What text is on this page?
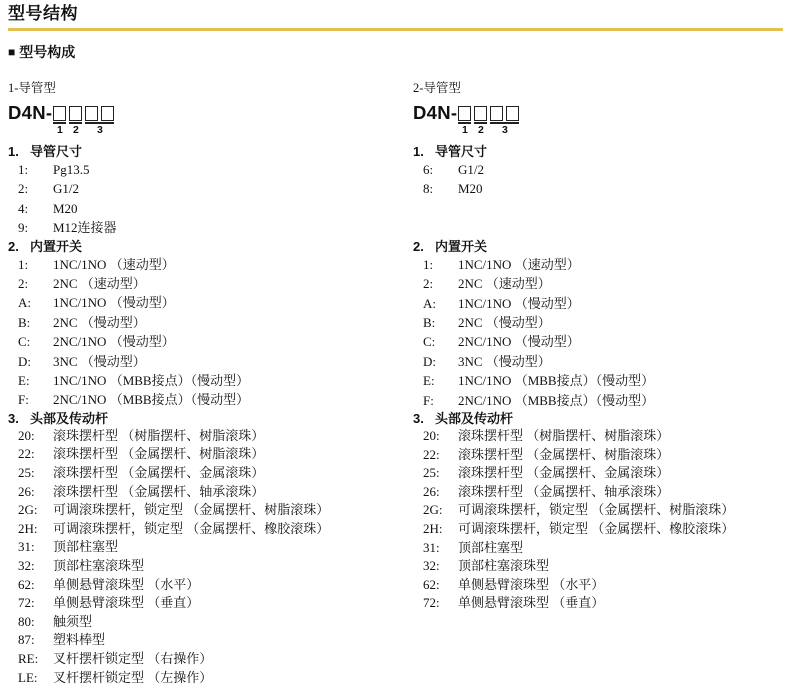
型号结构
■ 型号构成
1-导管型
D4N-
1 2	3
1. 导管尺寸
1:	Pg13.5
2:	G1/2
4:	M20
9:	M12连接器
2. 内置开关
1:	1NC/1NO （速动型）
2:	2NC （速动型）
A:	1NC/1NO （慢动型）
B:	2NC （慢动型）
C:	2NC/1NO （慢动型）
D:	3NC （慢动型）
E:	1NC/1NO （MBB接点）（慢动型）
F:	2NC/1NO （MBB接点）（慢动型）
3. 头部及传动杆
20:	滚珠摆杆型 （树脂摆杆、树脂滚珠）
22:	滚珠摆杆型 （金属摆杆、树脂滚珠）
25:	滚珠摆杆型 （金属摆杆、金属滚珠）
26:	滚珠摆杆型 （金属摆杆、轴承滚珠）
2G:	可调滚珠摆杆，锁定型 （金属摆杆、树脂滚珠）
2H:	可调滚珠摆杆，锁定型 （金属摆杆、橡胶滚珠）
31:	顶部柱塞型
32:	顶部柱塞滚珠型
62:	单侧悬臂滚珠型 （水平）
72:	单侧悬臂滚珠型 （垂直）
80:	触须型
87:	塑料棒型
RE:	叉杆摆杆锁定型 （右操作）
LE:	叉杆摆杆锁定型 （左操作）
2-导管型
D4N-
1 2	3
1. 导管尺寸
6:	G1/2
8:	M20
2. 内置开关
1:	1NC/1NO （速动型）
2:	2NC （速动型）
A:	1NC/1NO （慢动型）
B:	2NC （慢动型）
C:	2NC/1NO （慢动型）
D:	3NC （慢动型）
E:	1NC/1NO （MBB接点）（慢动型）
F:	2NC/1NO （MBB接点）（慢动型）
3. 头部及传动杆
20:	滚珠摆杆型 （树脂摆杆、树脂滚珠）
22:	滚珠摆杆型 （金属摆杆、树脂滚珠）
25:	滚珠摆杆型 （金属摆杆、金属滚珠）
26:	滚珠摆杆型 （金属摆杆、轴承滚珠）
2G:	可调滚珠摆杆，锁定型 （金属摆杆、树脂滚珠）
2H:	可调滚珠摆杆，锁定型 （金属摆杆、橡胶滚珠）
31:	顶部柱塞型
32:	顶部柱塞滚珠型
62:	单侧悬臂滚珠型 （水平）
72:	单侧悬臂滚珠型 （垂直）
